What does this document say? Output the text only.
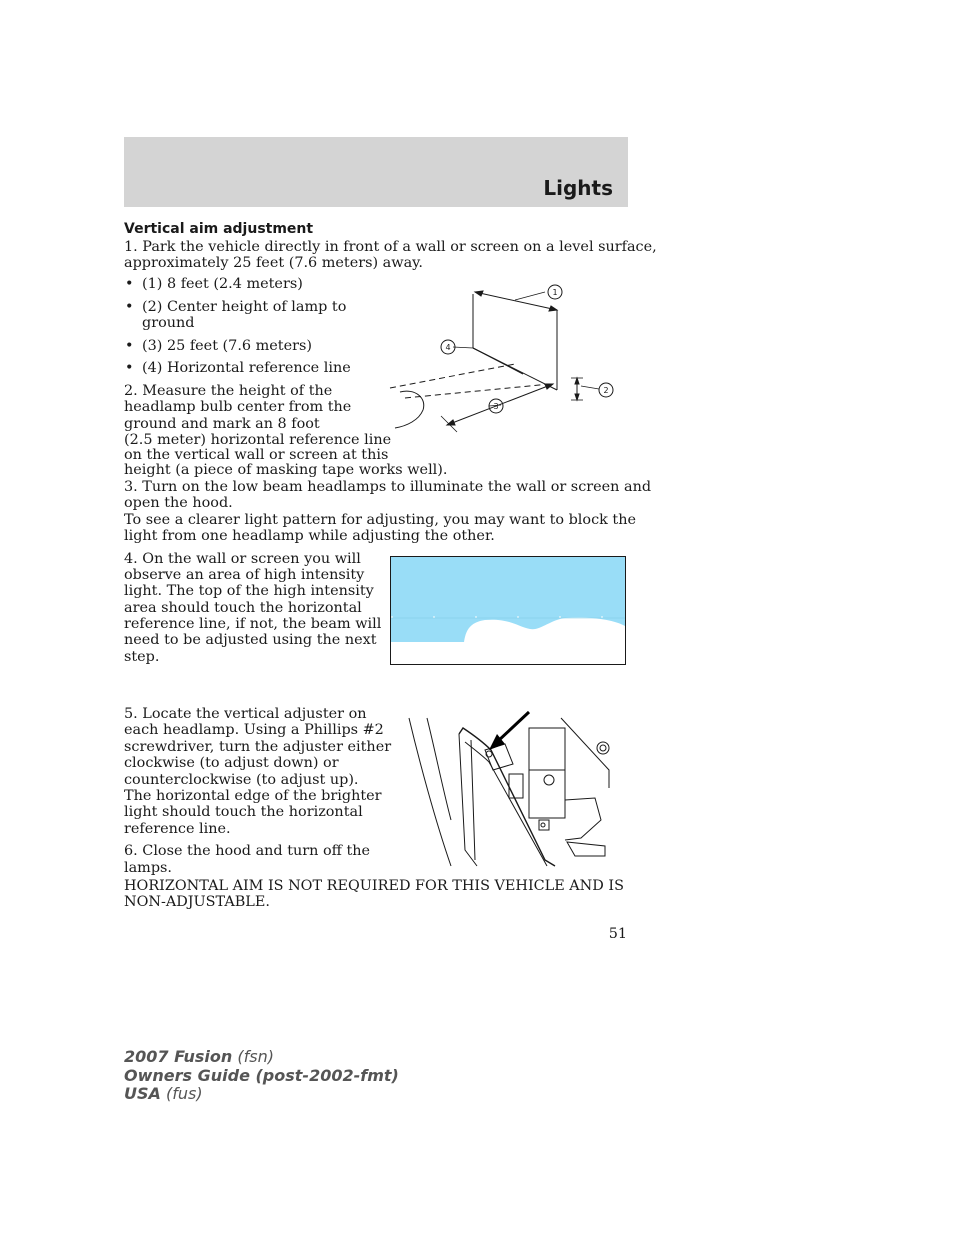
Lights
Vertical aim adjustment
1. Park the vehicle directly in front of a wall or screen on a level surface,
approximately 25 feet (7.6 meters) away.
• (1) 8 feet (2.4 meters)
• (2) Center height of lamp to
ground
• (3) 25 feet (7.6 meters)
• (4) Horizontal reference line
2. Measure the height of the
headlamp bulb center from the
ground and mark an 8 foot
(2.5 meter) horizontal reference line
on the vertical wall or screen at this
height (a piece of masking tape works well).
3. Turn on the low beam headlamps to illuminate the wall or screen and
open the hood.
To see a clearer light pattern for adjusting, you may want to block the
light from one headlamp while adjusting the other.
4. On the wall or screen you will
observe an area of high intensity
light. The top of the high intensity
area should touch the horizontal
reference line, if not, the beam will
need to be adjusted using the next
step.
5. Locate the vertical adjuster on
each headlamp. Using a Phillips #2
screwdriver, turn the adjuster either
clockwise (to adjust down) or
counterclockwise (to adjust up).
The horizontal edge of the brighter
light should touch the horizontal
reference line.
6. Close the hood and turn off the
lamps.
HORIZONTAL AIM IS NOT REQUIRED FOR THIS VEHICLE AND IS
NON-ADJUSTABLE.
1
2
3
4
51
2007 Fusion (fsn)
Owners Guide (post-2002-fmt)
USA (fus)
